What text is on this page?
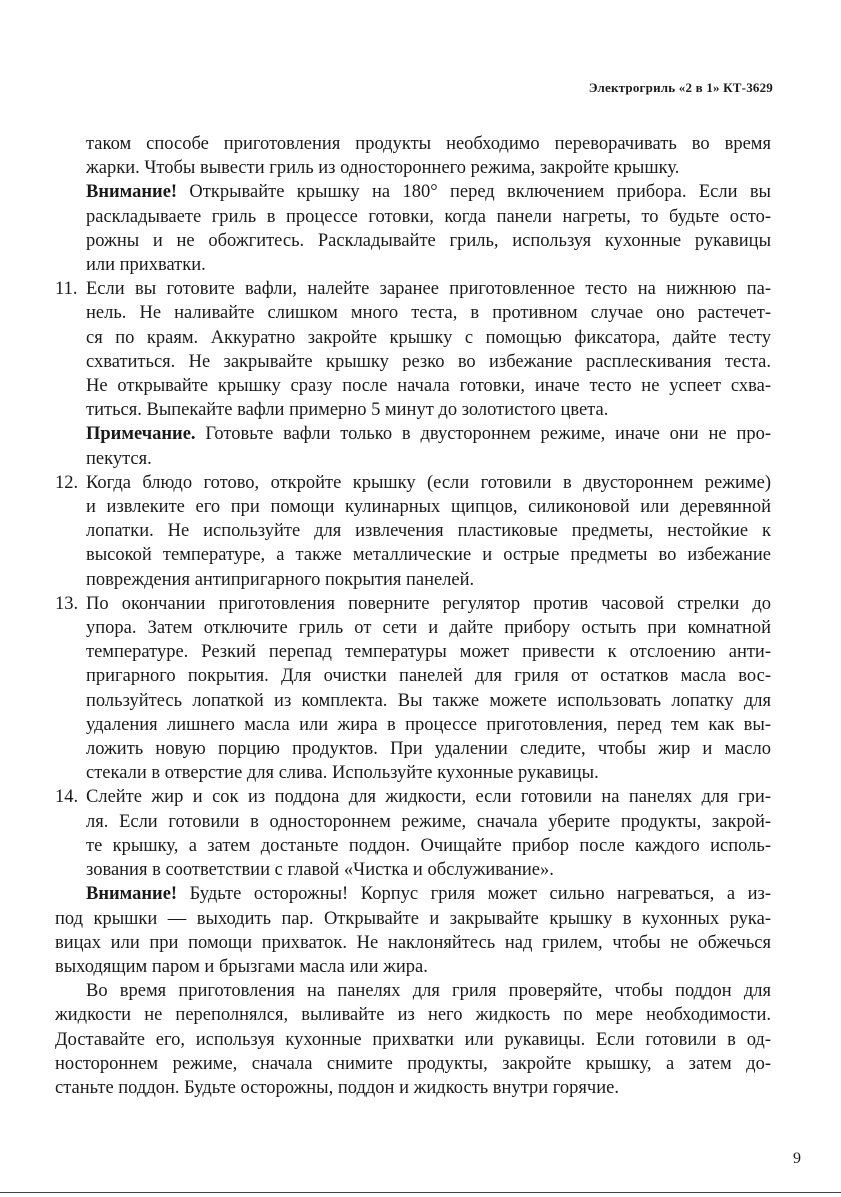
Электрогриль «2 в 1» КТ-3629
таком способе приготовления продукты необходимо переворачивать во время
жарки. Чтобы вывести гриль из одностороннего режима, закройте крышку.
Внимание! Открывайте крышку на 180° перед включением прибора. Если вы
раскладываете гриль в процессе готовки, когда панели нагреты, то будьте осто-
рожны и не обожгитесь. Раскладывайте гриль, используя кухонные рукавицы
или прихватки.
11. Если вы готовите вафли, налейте заранее приготовленное тесто на нижнюю па-
нель. Не наливайте слишком много теста, в противном случае оно растечет-
ся по краям. Аккуратно закройте крышку с помощью фиксатора, дайте тесту
схватиться. Не закрывайте крышку резко во избежание расплескивания теста.
Не открывайте крышку сразу после начала готовки, иначе тесто не успеет схва-
титься. Выпекайте вафли примерно 5 минут до золотистого цвета.
Примечание. Готовьте вафли только в двустороннем режиме, иначе они не про-
пекутся.
12. Когда блюдо готово, откройте крышку (если готовили в двустороннем режиме)
и извлеките его при помощи кулинарных щипцов, силиконовой или деревянной
лопатки. Не используйте для извлечения пластиковые предметы, нестойкие к
высокой температуре, а также металлические и острые предметы во избежание
повреждения антипригарного покрытия панелей.
13. По окончании приготовления поверните регулятор против часовой стрелки до
упора. Затем отключите гриль от сети и дайте прибору остыть при комнатной
температуре. Резкий перепад температуры может привести к отслоению анти-
пригарного покрытия. Для очистки панелей для гриля от остатков масла вос-
пользуйтесь лопаткой из комплекта. Вы также можете использовать лопатку для
удаления лишнего масла или жира в процессе приготовления, перед тем как вы-
ложить новую порцию продуктов. При удалении следите, чтобы жир и масло
стекали в отверстие для слива. Используйте кухонные рукавицы.
14. Слейте жир и сок из поддона для жидкости, если готовили на панелях для гри-
ля. Если готовили в одностороннем режиме, сначала уберите продукты, закрой-
те крышку, а затем достаньте поддон. Очищайте прибор после каждого исполь-
зования в соответствии с главой «Чистка и обслуживание».
Внимание! Будьте осторожны! Корпус гриля может сильно нагреваться, а из-
под крышки — выходить пар. Открывайте и закрывайте крышку в кухонных рука-
вицах или при помощи прихваток. Не наклоняйтесь над грилем, чтобы не обжечься
выходящим паром и брызгами масла или жира.
Во время приготовления на панелях для гриля проверяйте, чтобы поддон для
жидкости не переполнялся, выливайте из него жидкость по мере необходимости.
Доставайте его, используя кухонные прихватки или рукавицы. Если готовили в од-
ностороннем режиме, сначала снимите продукты, закройте крышку, а затем до-
станьте поддон. Будьте осторожны, поддон и жидкость внутри горячие.
9
